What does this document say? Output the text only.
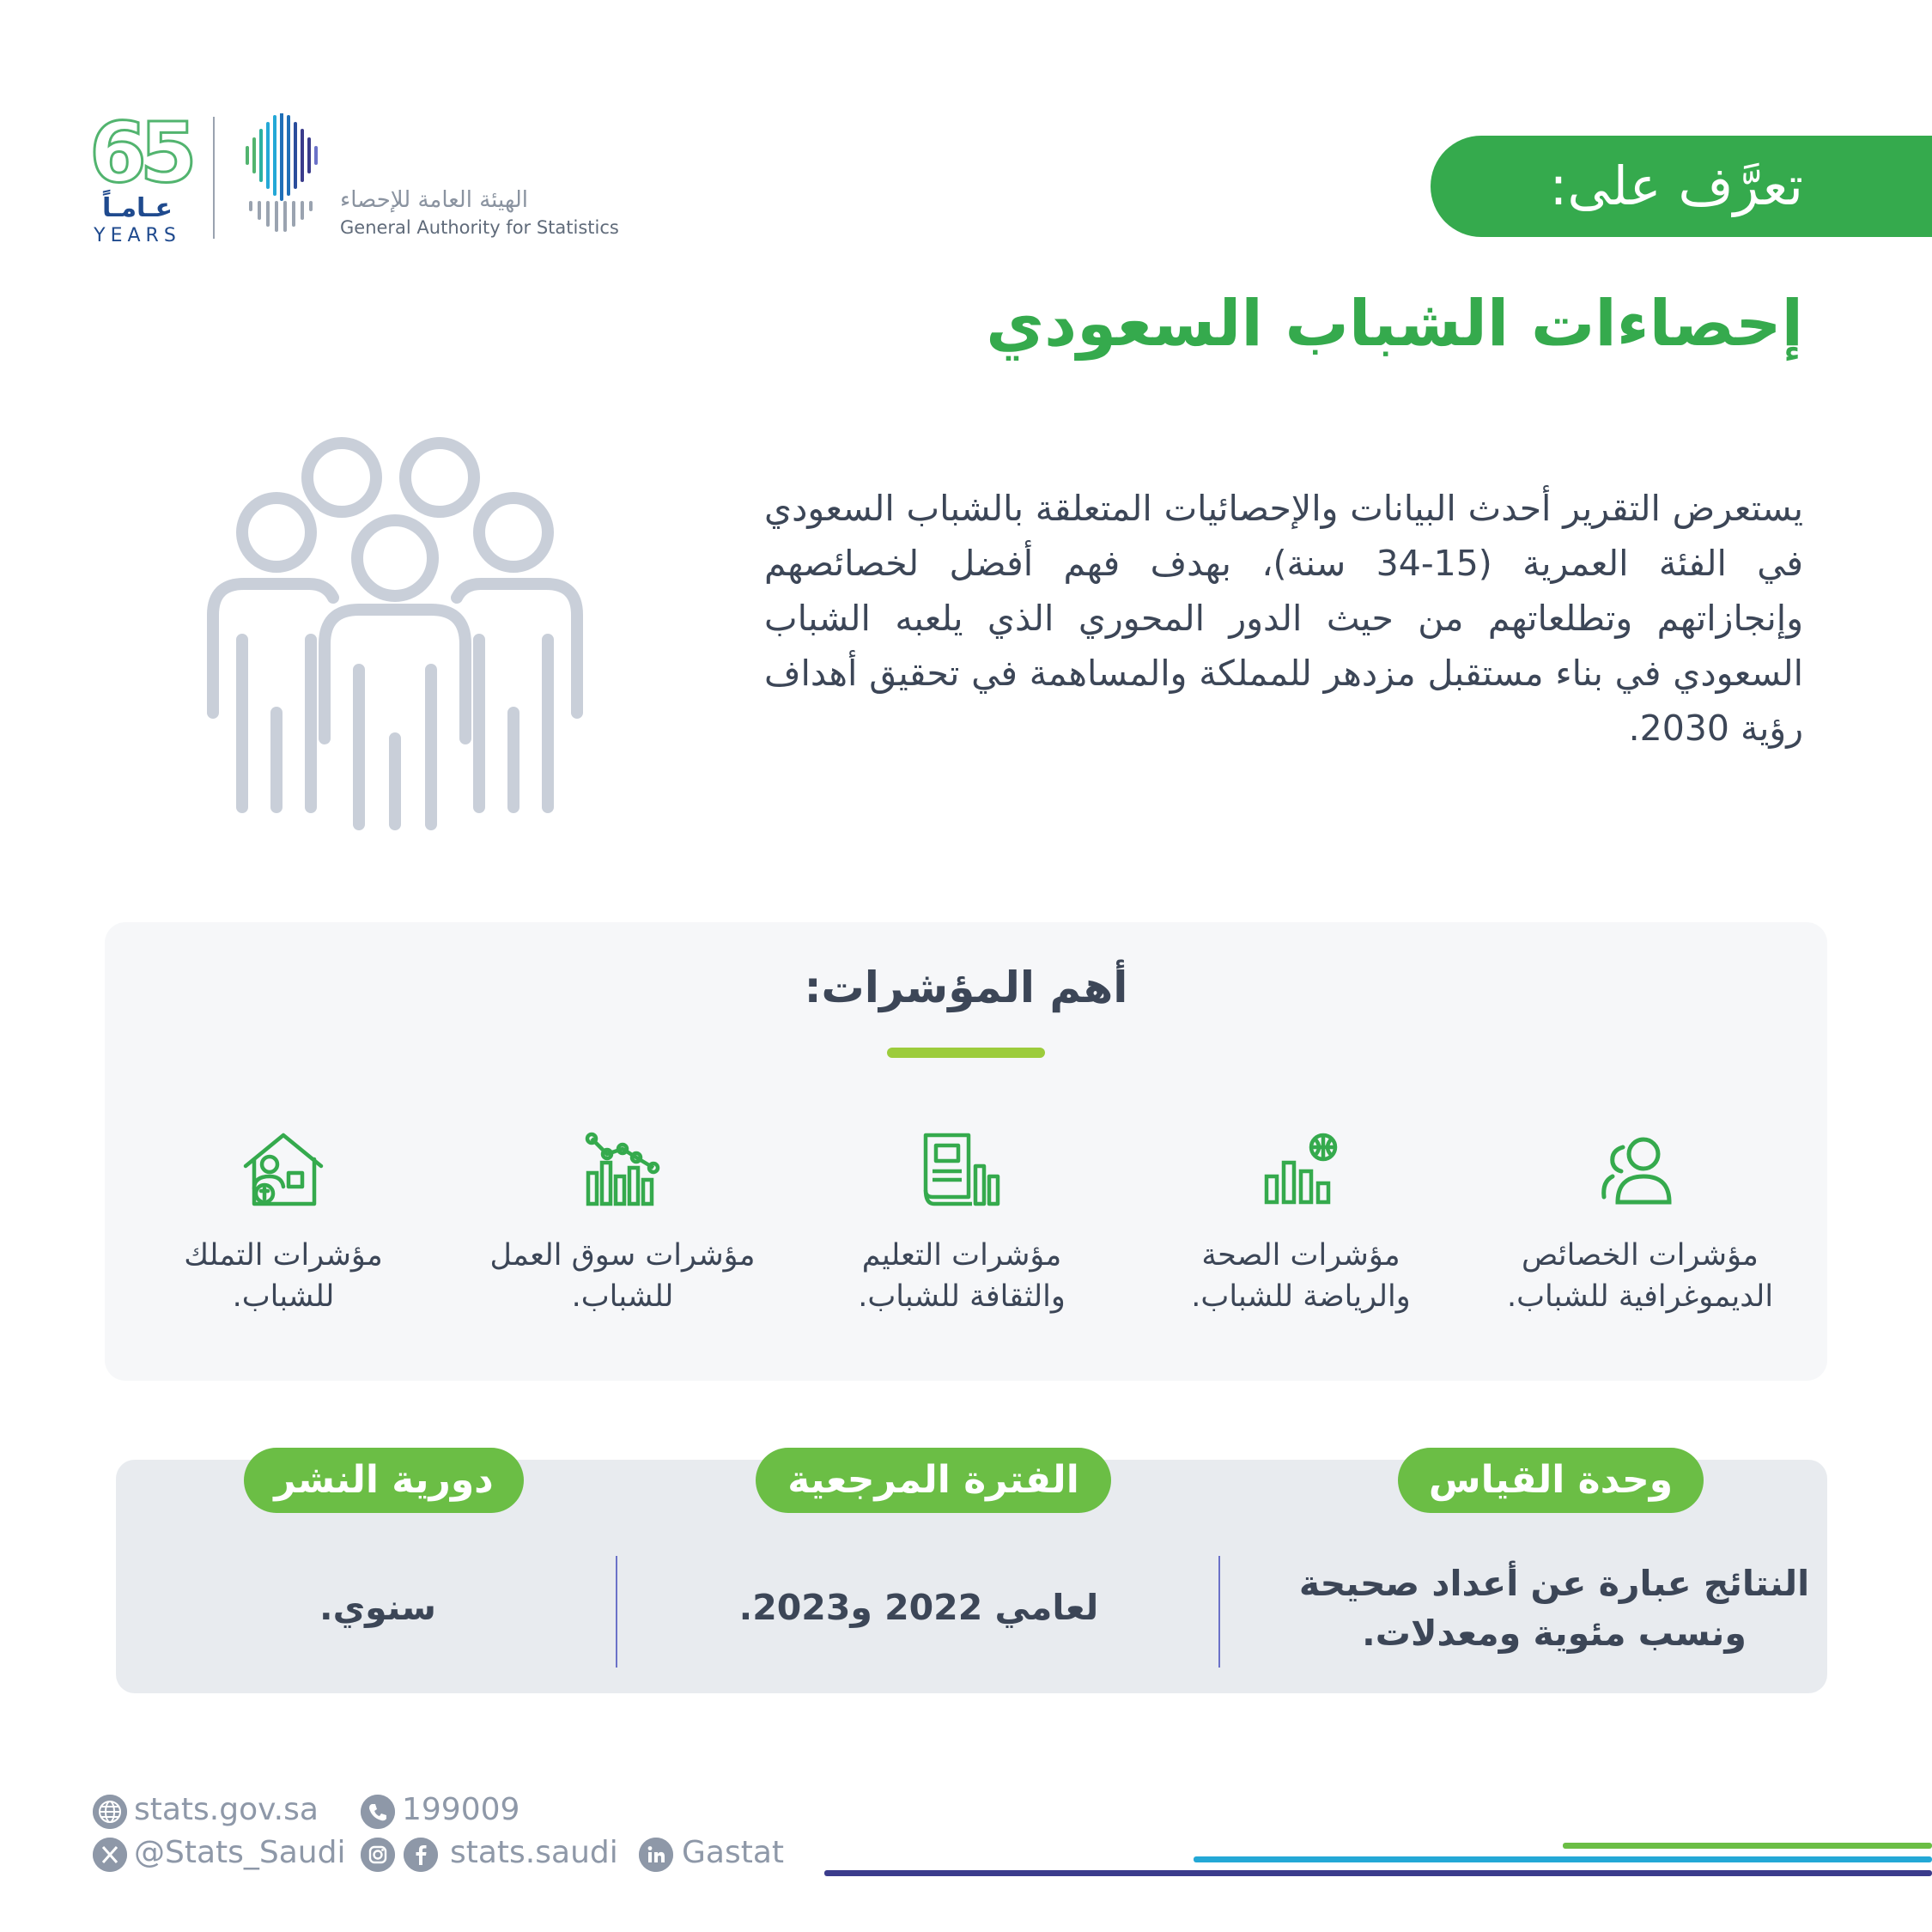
65
عـامـاً
YEARS
الهيئة العامة للإحصاء
General Authority for Statistics
تعرَّف على:
إحصاءات الشباب السعودي
يستعرض التقرير أحدث البيانات والإحصائيات المتعلقة بالشباب السعودي في الفئة العمرية (15-34 سنة)، بهدف فهم أفضل لخصائصهم وإنجازاتهم وتطلعاتهم من حيث الدور المحوري الذي يلعبه الشباب السعودي في بناء مستقبل مزدهر للمملكة والمساهمة في تحقيق أهداف رؤية 2030.
أهم المؤشرات:
مؤشرات الخصائص الديموغرافية للشباب.
مؤشرات الصحة والرياضة للشباب.
مؤشرات التعليم والثقافة للشباب.
مؤشرات سوق العمل للشباب.
مؤشرات التملك للشباب.
وحدة القياس
الفترة المرجعية
دورية النشر
النتائج عبارة عن أعداد صحيحة ونسب مئوية ومعدلات.
لعامي 2022 و2023.
سنوي.
stats.gov.sa	199009
@Stats_Saudi	stats.saudi Gastat
